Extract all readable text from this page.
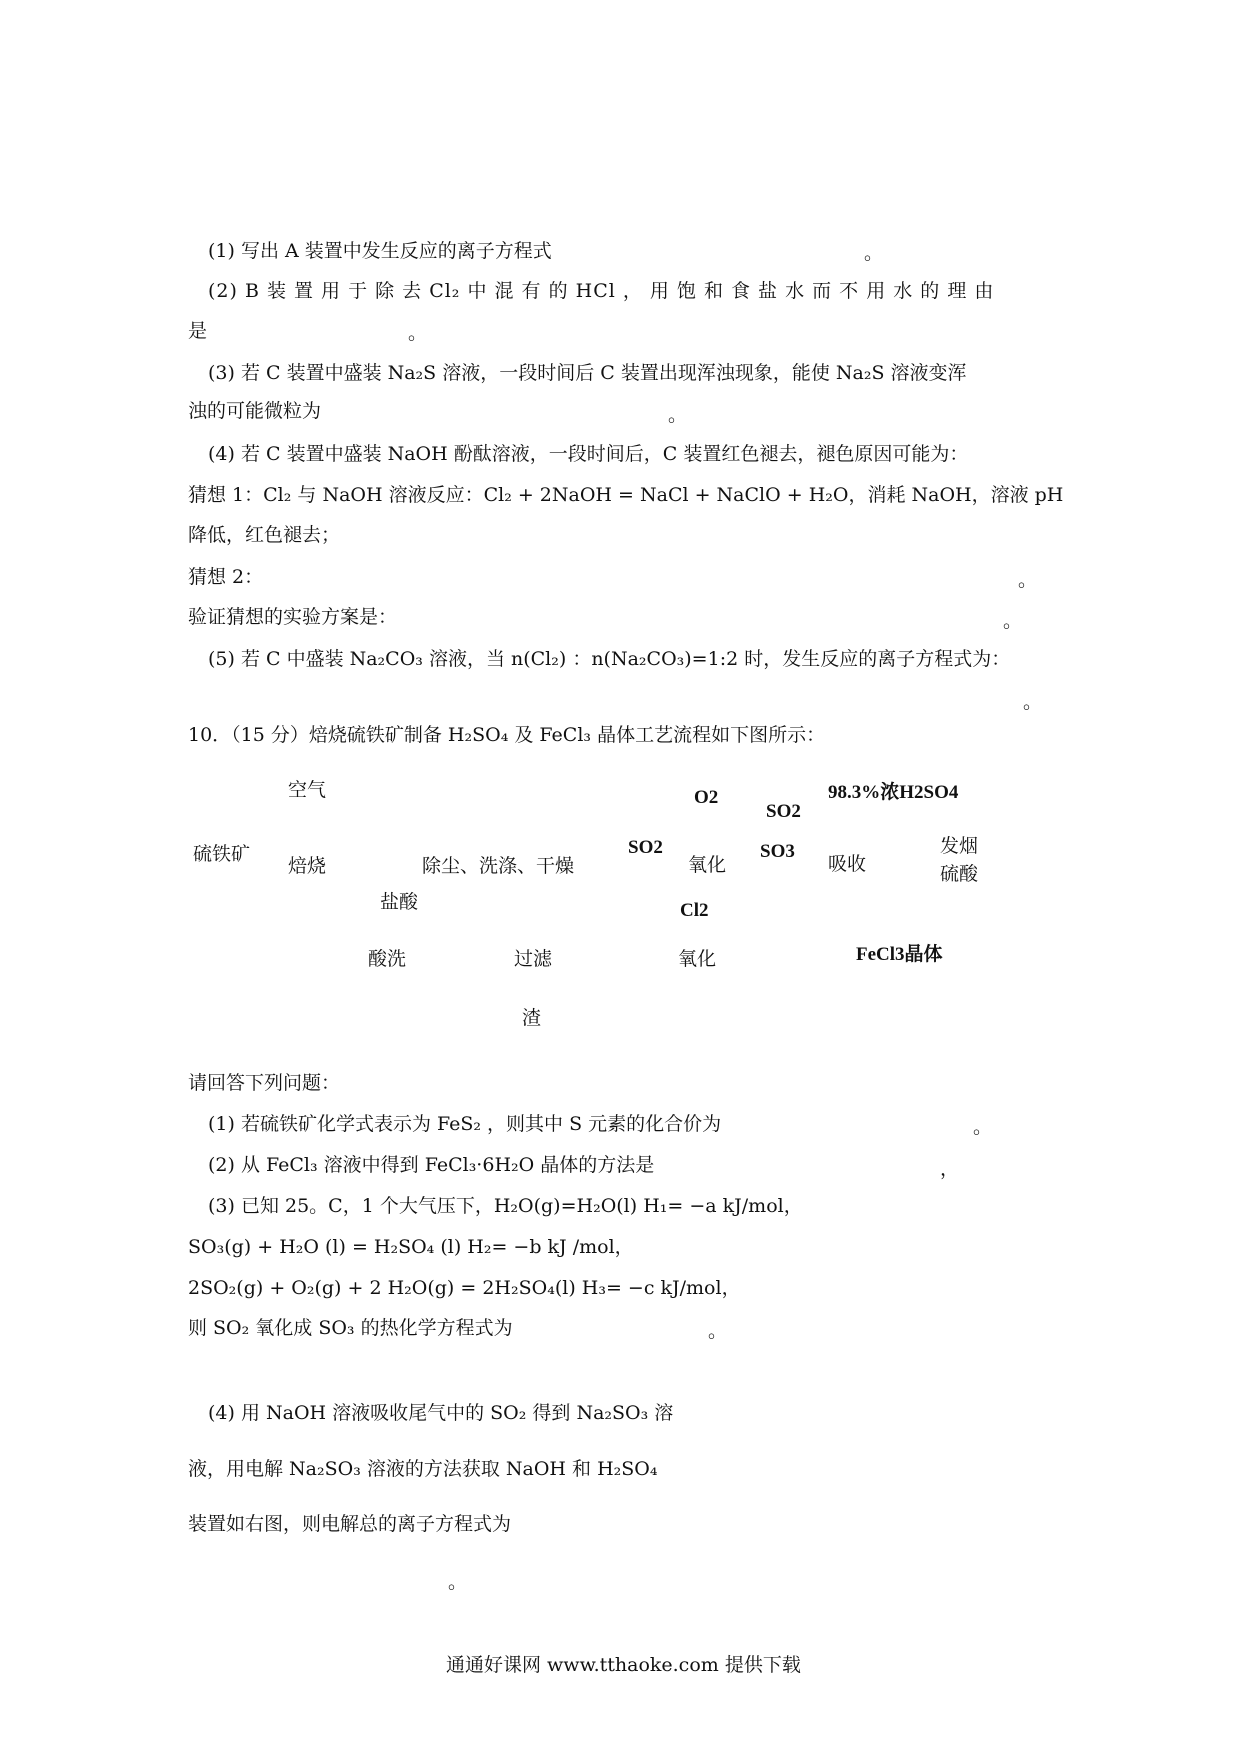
(1) 写出 A 装置中发生反应的离子方程式	。
(2) B 装 置 用 于 除 去 Cl₂ 中 混 有 的 HCl ， 用 饱 和 食 盐 水 而 不 用 水 的 理 由
是	。
(3) 若 C 装置中盛装 Na₂S 溶液，一段时间后 C 装置出现浑浊现象，能使 Na₂S 溶液变浑
浊的可能微粒为	。
(4) 若 C 装置中盛装 NaOH 酚酞溶液，一段时间后，C 装置红色褪去，褪色原因可能为：
猜想 1：Cl₂ 与 NaOH 溶液反应：Cl₂ + 2NaOH = NaCl + NaClO + H₂O，消耗 NaOH，溶液 pH
降低，红色褪去；
猜想 2：	。
验证猜想的实验方案是：	。
(5) 若 C 中盛装 Na₂CO₃ 溶液，当 n(Cl₂) ：n(Na₂CO₃)=1:2 时，发生反应的离子方程式为：
。
10．（15 分）焙烧硫铁矿制备 H₂SO₄ 及 FeCl₃ 晶体工艺流程如下图所示：
空气
硫铁矿
焙烧	除尘、洗涤、干燥
SO2
O2
氧化
SO2
SO3
98.3%浓H2SO4
吸收
发烟
硫酸
盐酸
酸洗	过滤
Cl2
氧化	FeCl3晶体
渣
请回答下列问题：
(1) 若硫铁矿化学式表示为 FeS₂ ，则其中 S 元素的化合价为	。
(2) 从 FeCl₃ 溶液中得到 FeCl₃·6H₂O 晶体的方法是	，
(3) 已知 25。C，1 个大气压下，H₂O(g)=H₂O(l) H₁= −a kJ/mol，
SO₃(g) + H₂O (l) = H₂SO₄ (l) H₂= −b kJ /mol，
2SO₂(g) + O₂(g) + 2 H₂O(g) = 2H₂SO₄(l) H₃= −c kJ/mol，
则 SO₂ 氧化成 SO₃ 的热化学方程式为	。
(4) 用 NaOH 溶液吸收尾气中的 SO₂ 得到 Na₂SO₃ 溶
液，用电解 Na₂SO₃ 溶液的方法获取 NaOH 和 H₂SO₄
装置如右图，则电解总的离子方程式为
。
通通好课网 www.tthaoke.com 提供下载
